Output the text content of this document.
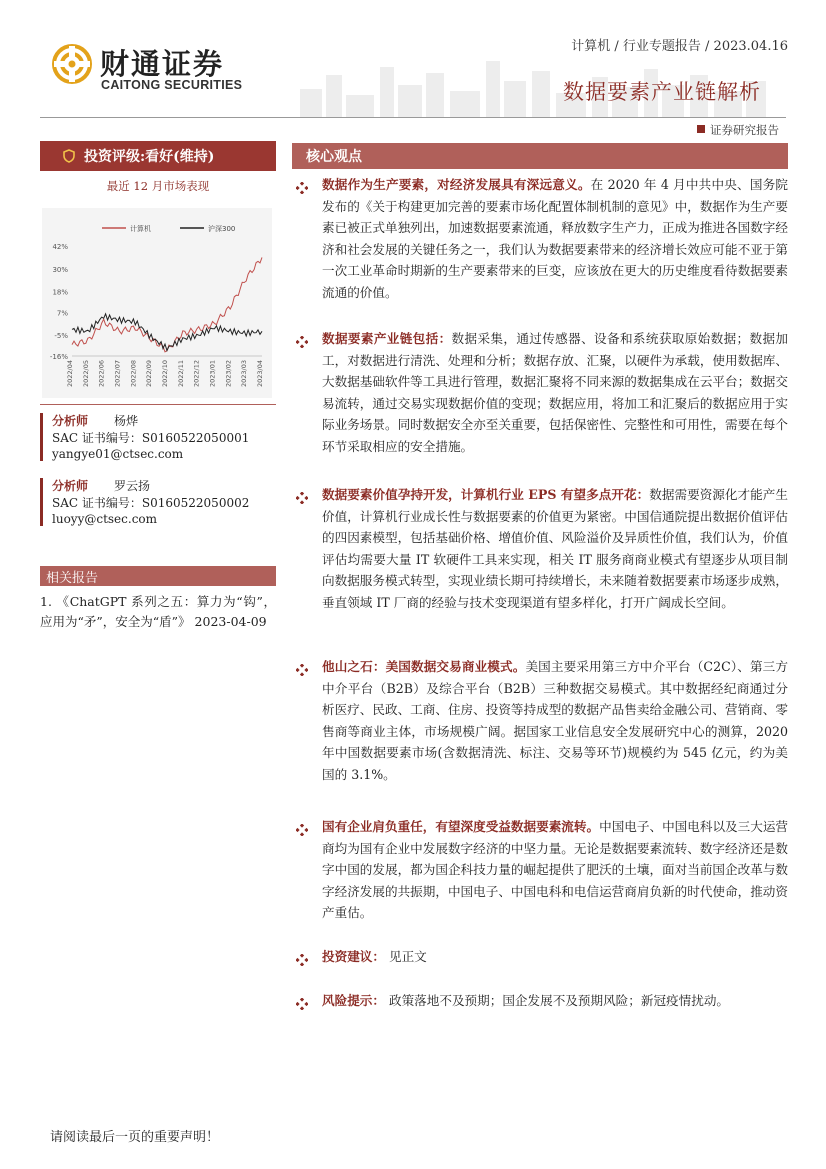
财通证券
CAITONG SECURITIES
计算机 / 行业专题报告 / 2023.04.16
数据要素产业链解析
证券研究报告
投资评级:看好(维持)
最近 12 月市场表现
计算机	沪深300
42%
30%
18%
7%
-5%
-16%
2022/04 2022/05 2022/06 2022/07 2022/08 2022/09 2022/10 2022/11 2022/12 2023/01 2023/02 2023/03 2023/04
分析师 杨烨
SAC 证书编号：S0160522050001
yangye01@ctsec.com
分析师 罗云扬
SAC 证书编号：S0160522050002
luoyy@ctsec.com
相关报告
1. 《ChatGPT 系列之五：算力为“钩”，应用为“矛”，安全为“盾”》 2023-04-09
核心观点
数据作为生产要素，对经济发展具有深远意义。在 2020 年 4 月中共中央、国务院发布的《关于构建更加完善的要素市场化配置体制机制的意见》中，数据作为生产要素已被正式单独列出，加速数据要素流通，释放数字生产力，正成为推进各国数字经济和社会发展的关键任务之一，我们认为数据要素带来的经济增长效应可能不亚于第一次工业革命时期新的生产要素带来的巨变，应该放在更大的历史维度看待数据要素流通的价值。
数据要素产业链包括：数据采集，通过传感器、设备和系统获取原始数据；数据加工，对数据进行清洗、处理和分析；数据存放、汇聚，以硬件为承载，使用数据库、大数据基础软件等工具进行管理，数据汇聚将不同来源的数据集成在云平台；数据交易流转，通过交易实现数据价值的变现；数据应用，将加工和汇聚后的数据应用于实际业务场景。同时数据安全亦至关重要，包括保密性、完整性和可用性，需要在每个环节采取相应的安全措施。
数据要素价值孕持开发，计算机行业 EPS 有望多点开花：数据需要资源化才能产生价值，计算机行业成长性与数据要素的价值更为紧密。中国信通院提出数据价值评估的四因素模型，包括基础价格、增值价值、风险溢价及异质性价值，我们认为，价值评估均需要大量 IT 软硬件工具来实现，相关 IT 服务商商业模式有望逐步从项目制向数据服务模式转型，实现业绩长期可持续增长，未来随着数据要素市场逐步成熟，垂直领域 IT 厂商的经验与技术变现渠道有望多样化，打开广阔成长空间。
他山之石：美国数据交易商业模式。美国主要采用第三方中介平台（C2C）、第三方中介平台（B2B）及综合平台（B2B）三种数据交易模式。其中数据经纪商通过分析医疗、民政、工商、住房、投资等持成型的数据产品售卖给金融公司、营销商、零售商等商业主体，市场规模广阔。据国家工业信息安全发展研究中心的测算，2020 年中国数据要素市场(含数据清洗、标注、交易等环节)规模约为 545 亿元，约为美国的 3.1%。
国有企业肩负重任，有望深度受益数据要素流转。中国电子、中国电科以及三大运营商均为国有企业中发展数字经济的中坚力量。无论是数据要素流转、数字经济还是数字中国的发展，都为国企科技力量的崛起提供了肥沃的土壤，面对当前国企改革与数字经济发展的共振期，中国电子、中国电科和电信运营商肩负新的时代使命，推动资产重估。
投资建议： 见正文
风险提示： 政策落地不及预期；国企发展不及预期风险；新冠疫情扰动。
请阅读最后一页的重要声明！
